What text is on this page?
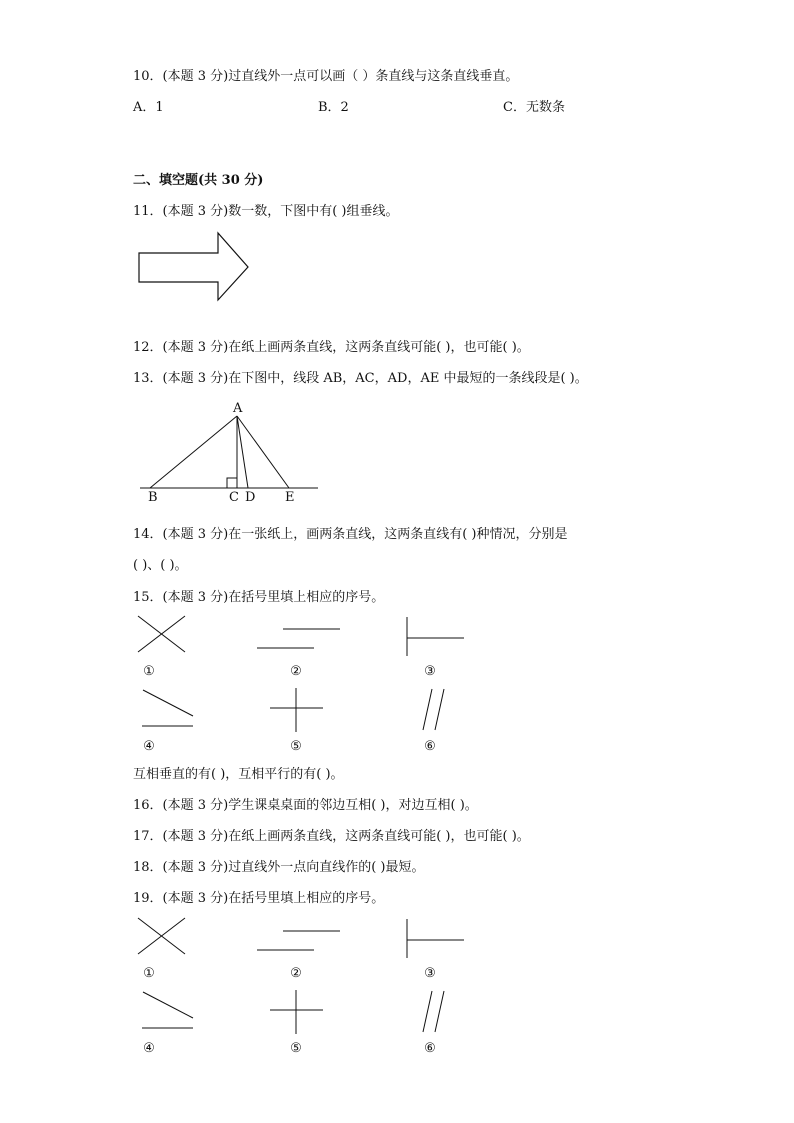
10．(本题 3 分)过直线外一点可以画（ ）条直线与这条直线垂直。
A．1	B．2	C．无数条
二、填空题(共 30 分)
11．(本题 3 分)数一数，下图中有( )组垂线。
12．(本题 3 分)在纸上画两条直线，这两条直线可能( )，也可能( )。
13．(本题 3 分)在下图中，线段 AB，AC，AD，AE 中最短的一条线段是( )。
A
B	C D E
14．(本题 3 分)在一张纸上，画两条直线，这两条直线有( )种情况，分别是
( )、( )。
15．(本题 3 分)在括号里填上相应的序号。
①	②	③
④	⑤	⑥
互相垂直的有( )，互相平行的有( )。
16．(本题 3 分)学生课桌桌面的邻边互相( )，对边互相( )。
17．(本题 3 分)在纸上画两条直线，这两条直线可能( )，也可能( )。
18．(本题 3 分)过直线外一点向直线作的( )最短。
19．(本题 3 分)在括号里填上相应的序号。
①	②	③
④	⑤	⑥
